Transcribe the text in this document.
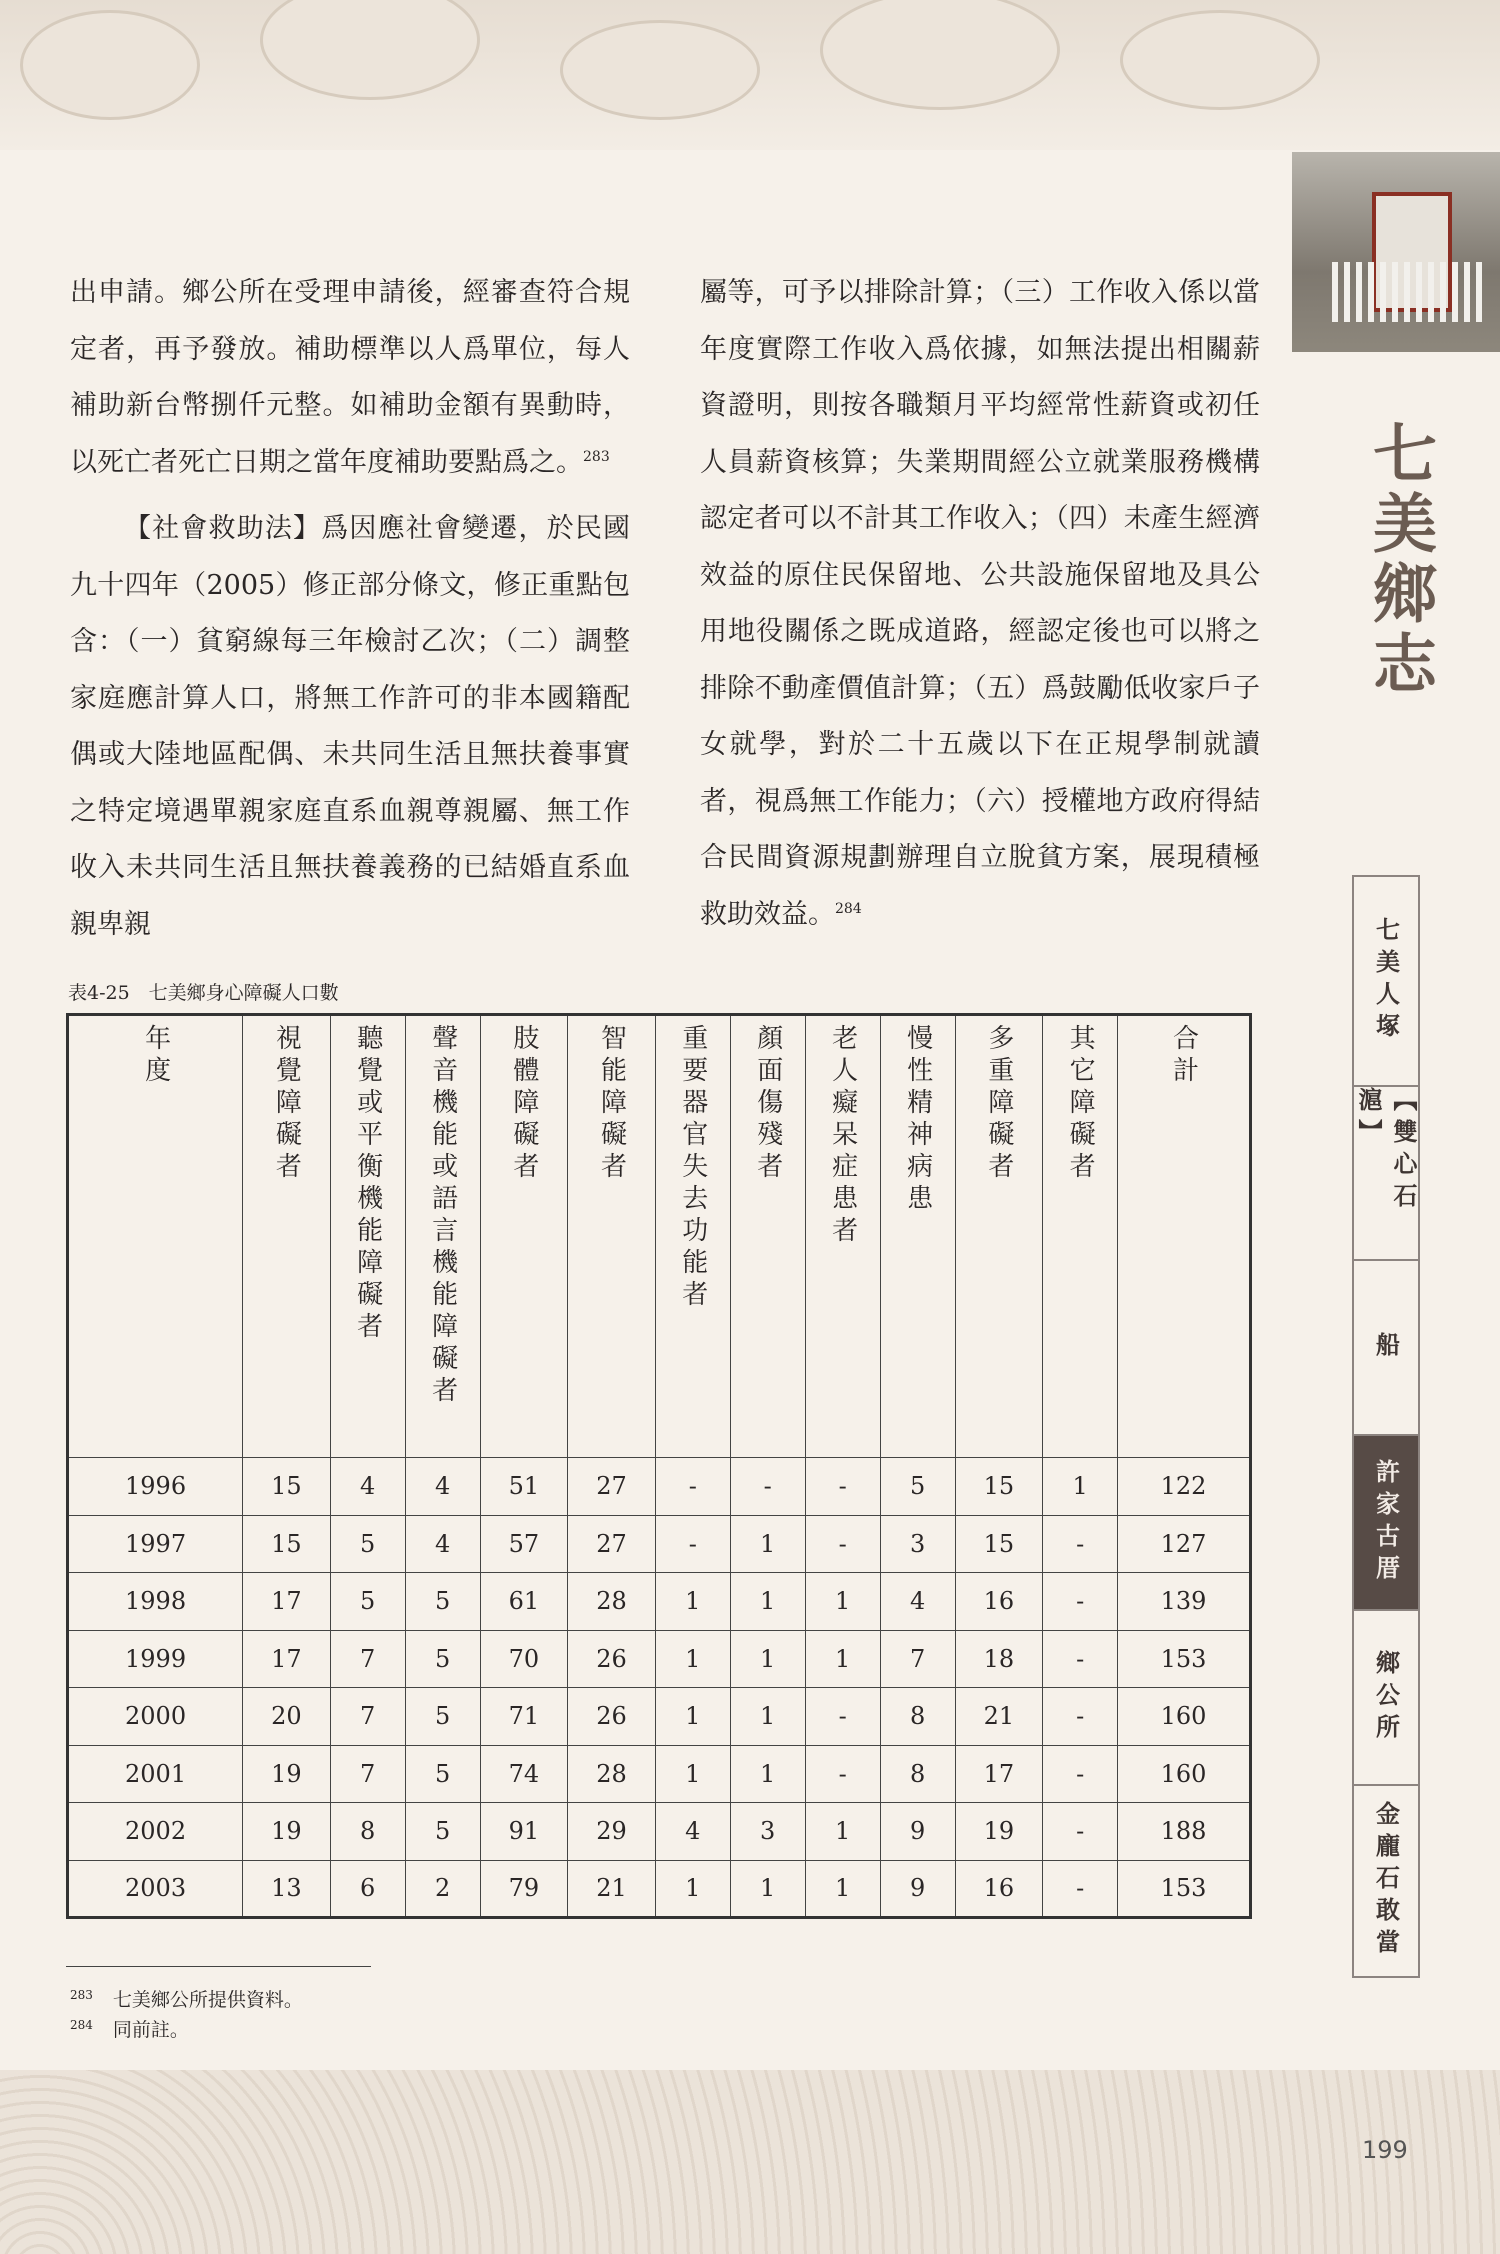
七美鄉志

出申請。鄉公所在受理申請後，經審查符合規定者，再予發放。補助標準以人爲單位，每人補助新台幣捌仟元整。如補助金額有異動時，以死亡者死亡日期之當年度補助要點爲之。$^{283}$

【社會救助法】爲因應社會變遷，於民國九十四年（2005）修正部分條文，修正重點包含：（一）貧窮線每三年檢討乙次；（二）調整家庭應計算人口，將無工作許可的非本國籍配偶或大陸地區配偶、未共同生活且無扶養事實之特定境遇單親家庭直系血親尊親屬、無工作收入未共同生活且無扶養義務的已結婚直系血親卑親

屬等，可予以排除計算；（三）工作收入係以當年度實際工作收入爲依據，如無法提出相關薪資證明，則按各職類月平均經常性薪資或初任人員薪資核算；失業期間經公立就業服務機構認定者可以不計其工作收入；（四）未產生經濟效益的原住民保留地、公共設施保留地及具公用地役關係之既成道路，經認定後也可以將之排除不動產價值計算；（五）爲鼓勵低收家戶子女就學，對於二十五歲以下在正規學制就讀者，視爲無工作能力；（六）授權地方政府得結合民間資源規劃辦理自立脫貧方案，展現積極救助效益。$^{284}$

表4-25　七美鄉身心障礙人口數
年度	視覺障礙者	聽覺或平衡機能障礙者	聲音機能或語言機能障礙者	肢體障礙者	智能障礙者	重要器官失去功能者	顏面傷殘者	老人癡呆症患者	慢性精神病患	多重障礙者	其它障礙者	合計
1996	15	4	4	51	27	-	-	-	5	15	1	122
1997	15	5	4	57	27	-	1	-	3	15	-	127
1998	17	5	5	61	28	1	1	1	4	16	-	139
1999	17	7	5	70	26	1	1	1	7	18	-	153
2000	20	7	5	71	26	1	1	-	8	21	-	160
2001	19	7	5	74	28	1	1	-	8	17	-	160
2002	19	8	5	91	29	4	3	1	9	19	-	188
2003	13	6	2	79	21	1	1	1	9	16	-	153
$^{283}$ 七美鄉公所提供資料。
$^{284}$ 同前註。
七美人塚
【雙心石滬】
船
許家古厝
鄉公所
金龐石敢當
199
